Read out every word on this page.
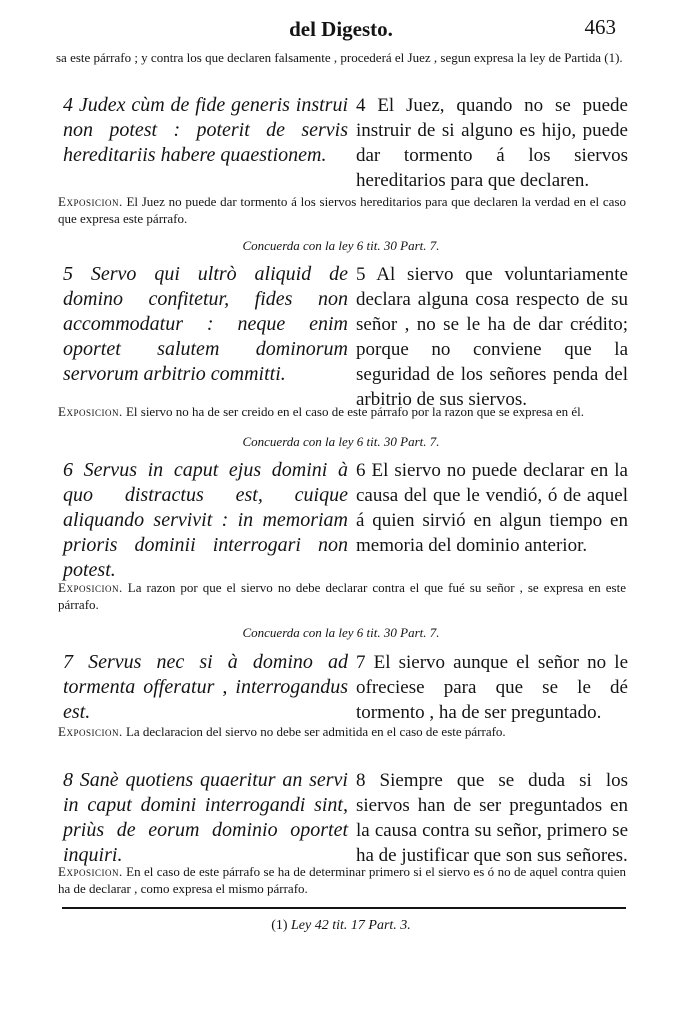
del Digesto.	463
sa este párrafo ; y contra los que declaren falsamente , procederá el Juez , segun expresa la ley de Partida (1).
4 Judex cùm de fide generis instrui non potest : poterit de servis hereditariis habere quaestionem.
4 El Juez, quando no se puede instruir de si alguno es hijo, puede dar tormento á los siervos hereditarios para que declaren.
Exposicion. El Juez no puede dar tormento á los siervos hereditarios para que declaren la verdad en el caso que expresa este párrafo.
Concuerda con la ley 6 tit. 30 Part. 7.
5 Servo qui ultrò aliquid de domino confitetur, fides non accommodatur : neque enim oportet salutem dominorum servorum arbitrio committi.
5 Al siervo que voluntariamente declara alguna cosa respecto de su señor , no se le ha de dar crédito; porque no conviene que la seguridad de los señores penda del arbitrio de sus siervos.
Exposicion. El siervo no ha de ser creido en el caso de este párrafo por la razon que se expresa en él.
Concuerda con la ley 6 tit. 30 Part. 7.
6 Servus in caput ejus domini à quo distractus est, cuique aliquando servivit : in memoriam prioris dominii interrogari non potest.
6 El siervo no puede declarar en la causa del que le vendió, ó de aquel á quien sirvió en algun tiempo en memoria del dominio anterior.
Exposicion. La razon por que el siervo no debe declarar contra el que fué su señor , se expresa en este párrafo.
Concuerda con la ley 6 tit. 30 Part. 7.
7 Servus nec si à domino ad tormenta offeratur , interrogandus est.
7 El siervo aunque el señor no le ofreciese para que se le dé tormento , ha de ser preguntado.
Exposicion. La declaracion del siervo no debe ser admitida en el caso de este párrafo.
8 Sanè quotiens quaeritur an servi in caput domini interrogandi sint, priùs de eorum dominio oportet inquiri.
8 Siempre que se duda si los siervos han de ser preguntados en la causa contra su señor, primero se ha de justificar que son sus señores.
Exposicion. En el caso de este párrafo se ha de determinar primero si el siervo es ó no de aquel contra quien ha de declarar , como expresa el mismo párrafo.
(1) Ley 42 tit. 17 Part. 3.
